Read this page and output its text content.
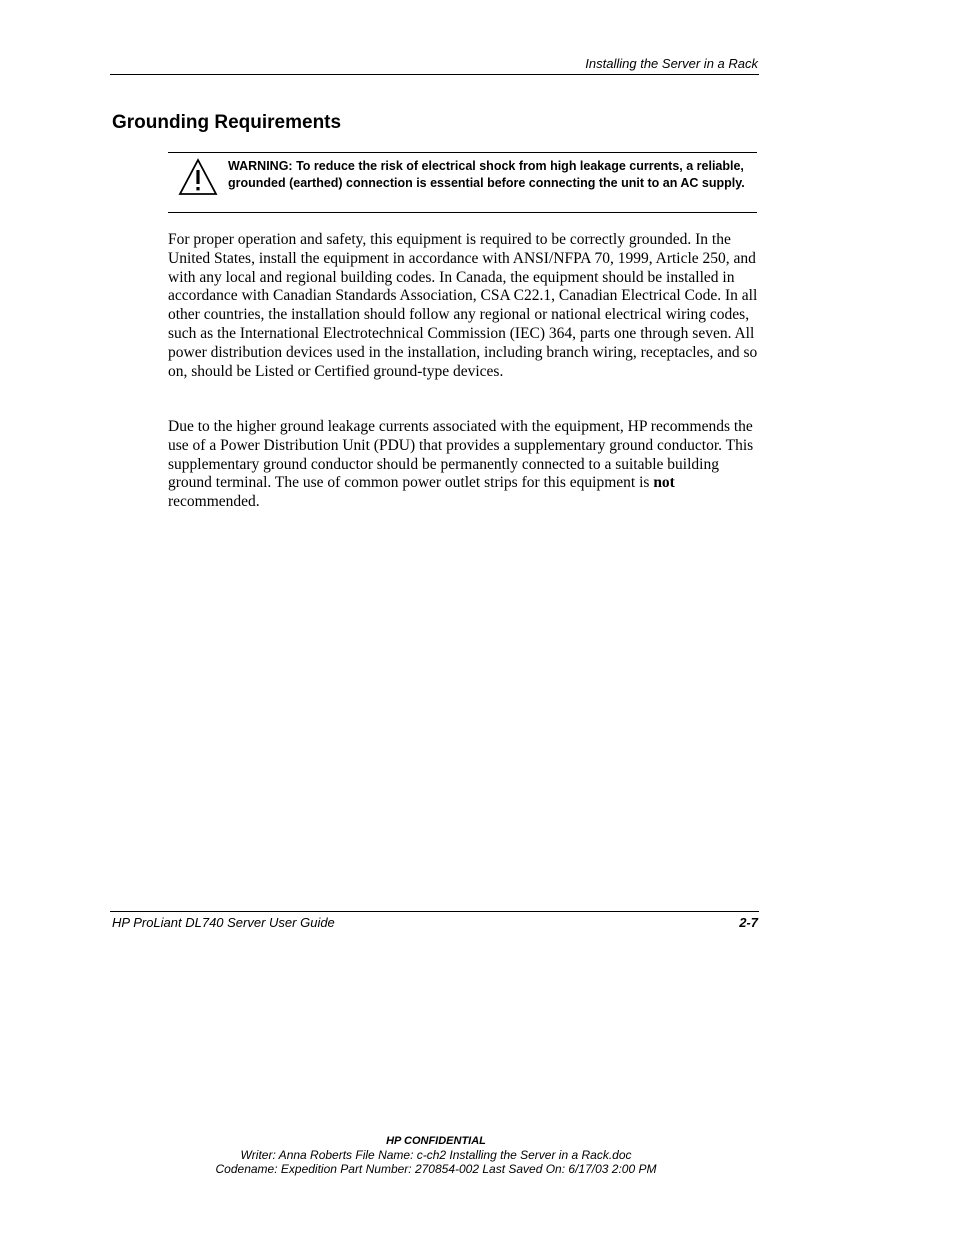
Installing the Server in a Rack
Grounding Requirements
WARNING: To reduce the risk of electrical shock from high leakage currents, a reliable, grounded (earthed) connection is essential before connecting the unit to an AC supply.

For proper operation and safety, this equipment is required to be correctly grounded. In the United States, install the equipment in accordance with ANSI/NFPA 70, 1999, Article 250, and with any local and regional building codes. In Canada, the equipment should be installed in accordance with Canadian Standards Association, CSA C22.1, Canadian Electrical Code. In all other countries, the installation should follow any regional or national electrical wiring codes, such as the International Electrotechnical Commission (IEC) 364, parts one through seven. All power distribution devices used in the installation, including branch wiring, receptacles, and so on, should be Listed or Certified ground-type devices.

Due to the higher ground leakage currents associated with the equipment, HP recommends the use of a Power Distribution Unit (PDU) that provides a supplementary ground conductor. This supplementary ground conductor should be permanently connected to a suitable building ground terminal. The use of common power outlet strips for this equipment is not recommended.

HP ProLiant DL740 Server User Guide	2-7
HP CONFIDENTIAL
Writer: Anna Roberts File Name: c-ch2 Installing the Server in a Rack.doc
Codename: Expedition Part Number: 270854-002 Last Saved On: 6/17/03 2:00 PM
